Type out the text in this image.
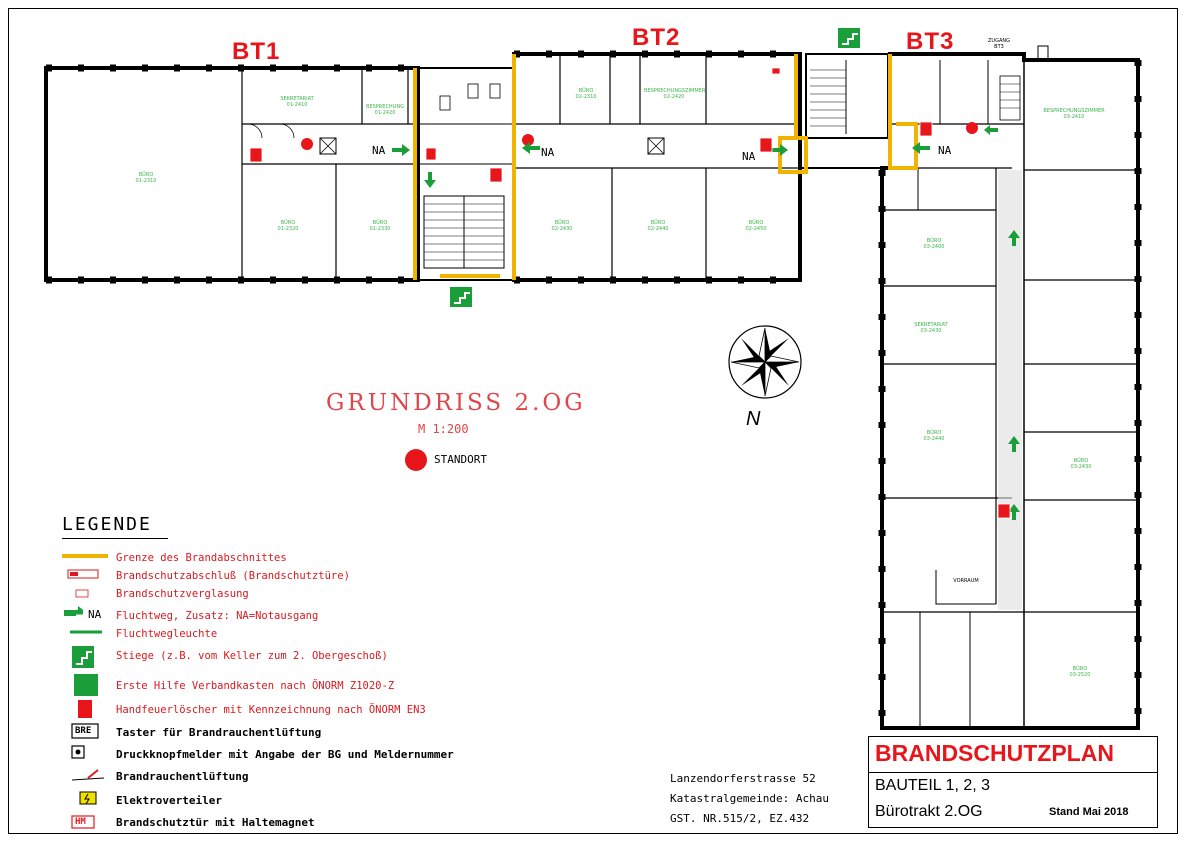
BT1
BT2	BT3	ZUGANG
BT3
NA	NA	NA	NA
SEKRETARIAT
01-2410	BESPRECHUNG
01-2420
BÜRO
01-2320
BÜRO
01-2330
BÜRO
01-2310
BÜRO
02-2310
BESPRECHUNGSZIMMER
02-2420
BÜRO
02-2430
BÜRO
02-2440
BÜRO
02-2450
BESPRECHUNGSZIMMER
03-2410
BÜRO
03-2400
BÜRO
03-2440
SEKRETARIAT
03-2430
BÜRO
03-2430
VORRAUM
BÜRO
03-2520
GRUNDRISS 2.OG
M 1:200
STANDORT
N
LEGENDE
Grenze des Brandabschnittes
Brandschutzabschluß (Brandschutztüre)
Brandschutzverglasung
NA Fluchtweg, Zusatz: NA=Notausgang
Fluchtwegleuchte
Stiege (z.B. vom Keller zum 2. Obergeschoß)
Erste Hilfe Verbandkasten nach ÖNORM Z1020-Z
Handfeuerlöscher mit Kennzeichnung nach ÖNORM EN3
BRE Taster für Brandrauchentlüftung
Druckknopfmelder mit Angabe der BG und Meldernummer
Brandrauchentlüftung
Elektroverteiler
HM	Brandschutztür mit Haltemagnet
Lanzendorferstrasse 52
Katastralgemeinde: Achau
GST. NR.515/2, EZ.432
BRANDSCHUTZPLAN
BAUTEIL 1, 2, 3
Bürotrakt 2.OG	Stand Mai 2018
